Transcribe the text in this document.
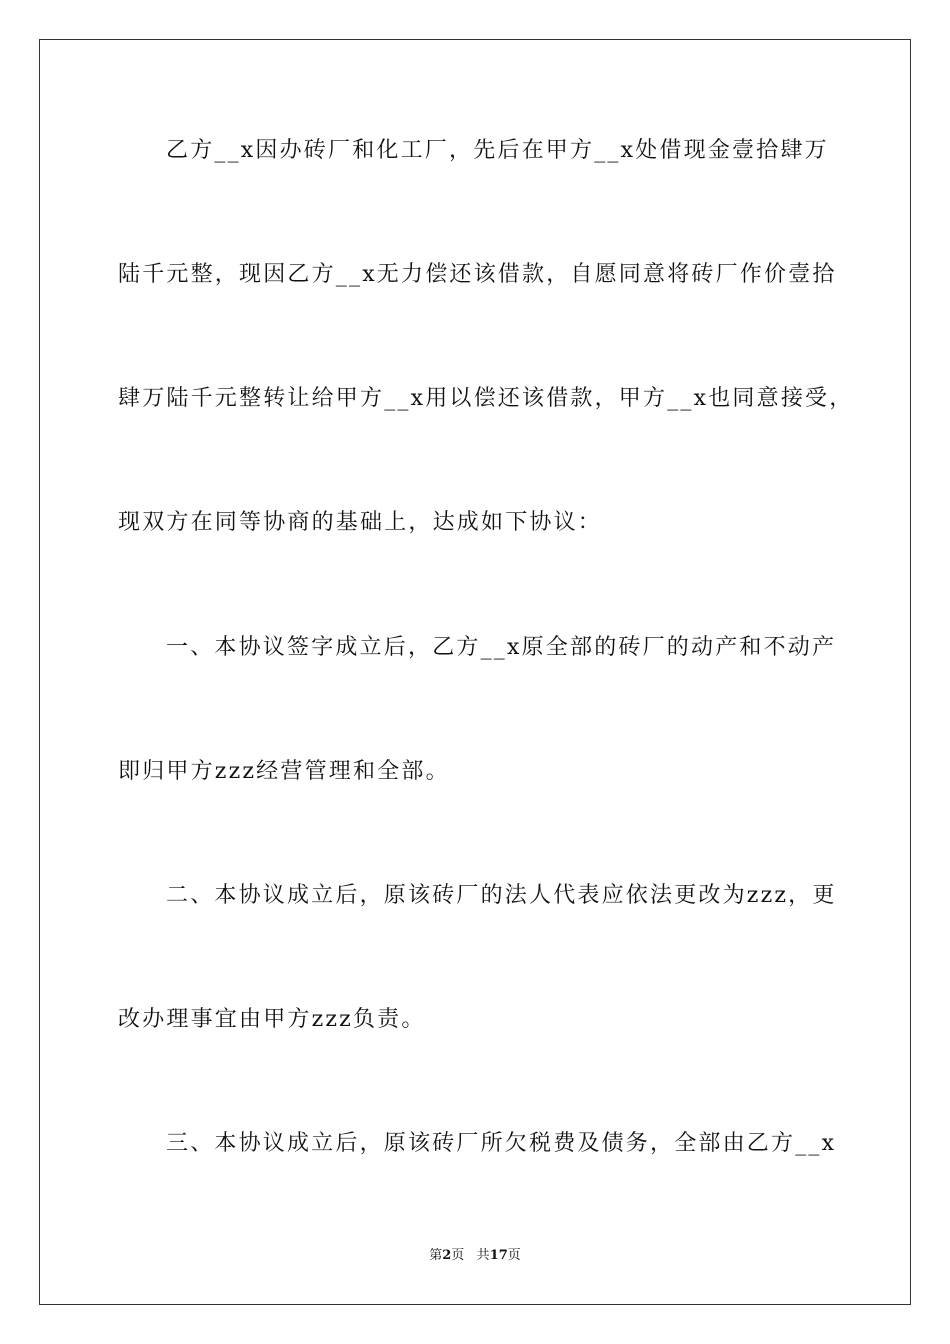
乙方__x因办砖厂和化工厂，先后在甲方__x处借现金壹拾肆万
陆千元整，现因乙方__x无力偿还该借款，自愿同意将砖厂作价壹拾
肆万陆千元整转让给甲方__x用以偿还该借款，甲方__x也同意接受，
现双方在同等协商的基础上，达成如下协议：
一、本协议签字成立后，乙方__x原全部的砖厂的动产和不动产
即归甲方zzz经营管理和全部。
二、本协议成立后，原该砖厂的法人代表应依法更改为zzz，更
改办理事宜由甲方zzz负责。
三、本协议成立后，原该砖厂所欠税费及债务，全部由乙方__x
第2页 共17页
